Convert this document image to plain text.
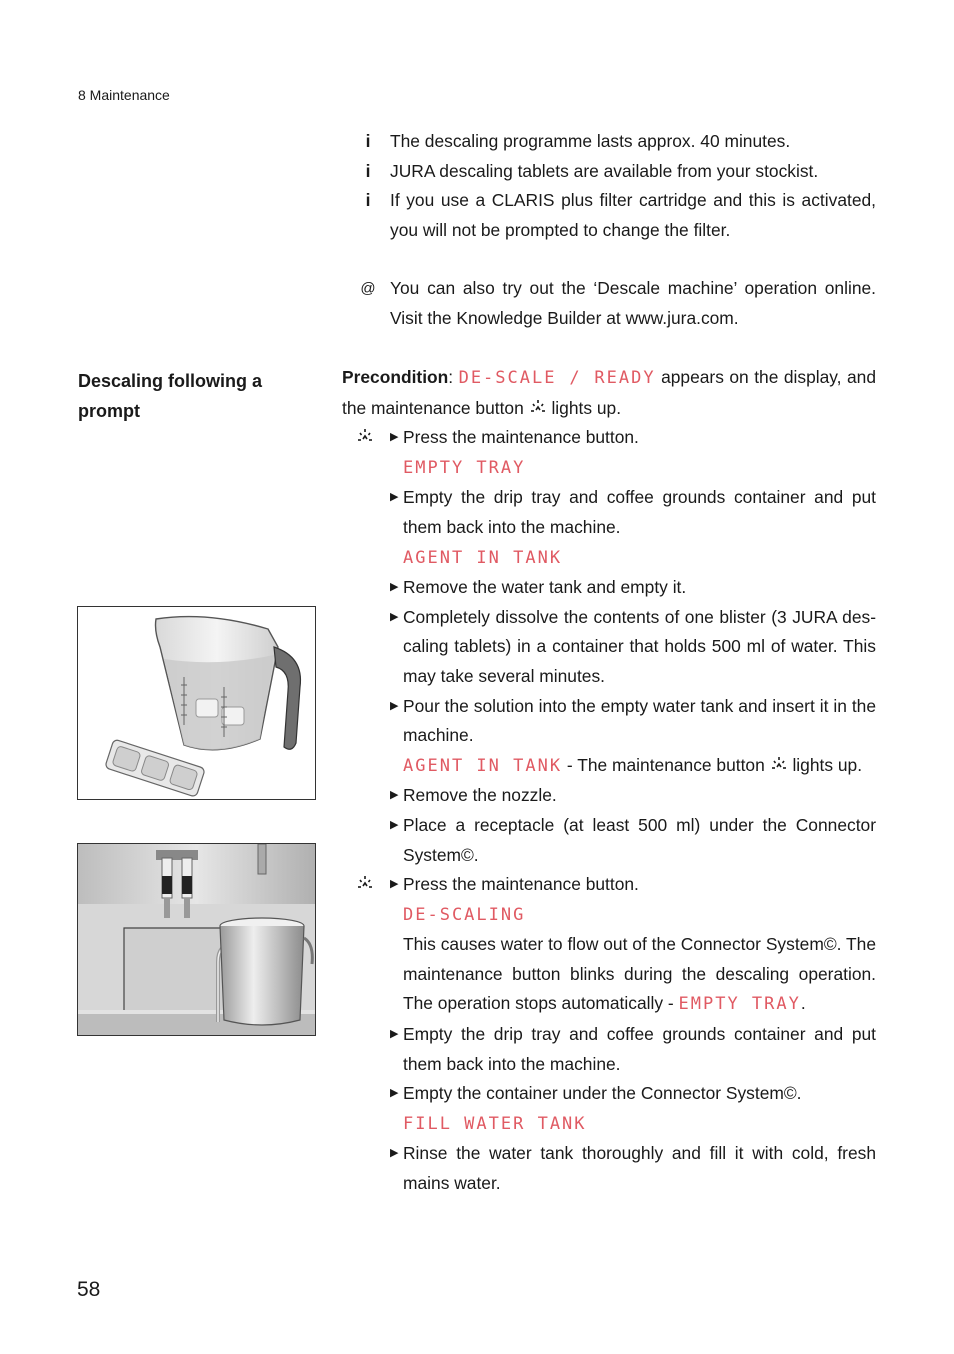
8 Maintenance
i	The descaling programme lasts approx. 40 minutes.
i	JURA descaling tablets are available from your stockist.
i	If you use a CLARIS plus filter cartridge and this is activated, you will not be prompted to change the filter.
@ You can also try out the ‘Descale machine’ operation online. Visit the Knowledge Builder at www.jura.com.
Descaling following a prompt

Precondition: DE-SCALE / READY appears on the display, and the maintenance button  lights up.

▶ Press the maintenance button.
EMPTY TRAY
▶ Empty the drip tray and coffee grounds container and put them back into the machine.
AGENT IN TANK
▶ Remove the water tank and empty it.
▶ Completely dissolve the contents of one blister (3 JURA des-caling tablets) in a container that holds 500 ml of water. This may take several minutes.
▶ Pour the solution into the empty water tank and insert it in the machine.
AGENT IN TANK - The maintenance button  lights up.
▶ Remove the nozzle.
▶ Place a receptacle (at least 500 ml) under the Connector System©.
▶ Press the maintenance button.
DE-SCALING
This causes water to flow out of the Connector System©. The maintenance button blinks during the descaling operation. The operation stops automatically - EMPTY TRAY.
▶ Empty the drip tray and coffee grounds container and put them back into the machine.
▶ Empty the container under the Connector System©.
FILL WATER TANK
▶ Rinse the water tank thoroughly and fill it with cold, fresh mains water.
58
